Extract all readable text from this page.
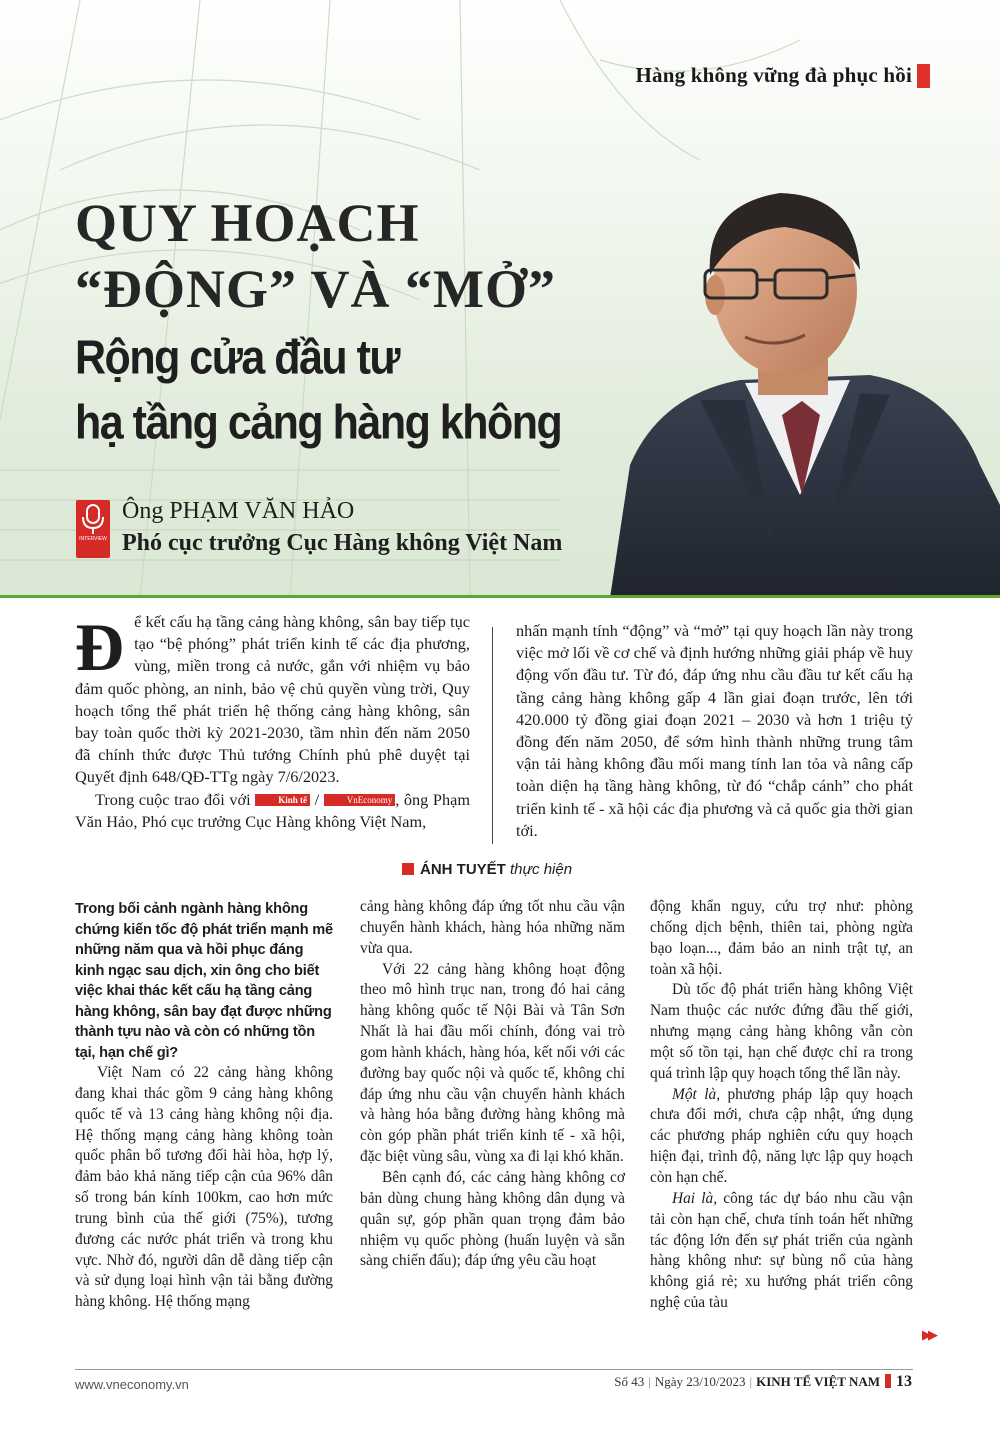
Hàng không vững đà phục hồi
QUY HOẠCH
“ĐỘNG” VÀ “MỞ”
Rộng cửa đầu tư
hạ tầng cảng hàng không
INTERVIEW
Ông PHẠM VĂN HẢO
Phó cục trưởng Cục Hàng không Việt Nam
Để kết cấu hạ tầng cảng hàng không, sân bay tiếp tục tạo “bệ phóng” phát triển kinh tế các địa phương, vùng, miền trong cả nước, gắn với nhiệm vụ bảo đảm quốc phòng, an ninh, bảo vệ chủ quyền vùng trời, Quy hoạch tổng thể phát triển hệ thống cảng hàng không, sân bay toàn quốc thời kỳ 2021-2030, tầm nhìn đến năm 2050 đã chính thức được Thủ tướng Chính phủ phê duyệt tại Quyết định 648/QĐ-TTg ngày 7/6/2023.
Trong cuộc trao đổi với	Kinh tế /	VnEconomy , ông Phạm Văn Hảo, Phó cục trưởng Cục Hàng không Việt Nam,
nhấn mạnh tính “động” và “mở” tại quy hoạch lần này trong việc mở lối về cơ chế và định hướng những giải pháp về huy động vốn đầu tư. Từ đó, đáp ứng nhu cầu đầu tư kết cấu hạ tầng cảng hàng không gấp 4 lần giai đoạn trước, lên tới 420.000 tỷ đồng giai đoạn 2021 – 2030 và hơn 1 triệu tỷ đồng đến năm 2050, để sớm hình thành những trung tâm vận tải hàng không đầu mối mang tính lan tỏa và nâng cấp toàn diện hạ tầng hàng không, từ đó “chắp cánh” cho phát triển kinh tế - xã hội các địa phương và cả quốc gia thời gian tới.
ÁNH TUYẾT thực hiện
Trong bối cảnh ngành hàng không chứng kiến tốc độ phát triển mạnh mẽ những năm qua và hồi phục đáng kinh ngạc sau dịch, xin ông cho biết việc khai thác kết cấu hạ tầng cảng hàng không, sân bay đạt được những thành tựu nào và còn có những tồn tại, hạn chế gì?
Việt Nam có 22 cảng hàng không đang khai thác gồm 9 cảng hàng không quốc tế và 13 cảng hàng không nội địa. Hệ thống mạng cảng hàng không toàn quốc phân bổ tương đối hài hòa, hợp lý, đảm bảo khả năng tiếp cận của 96% dân số trong bán kính 100km, cao hơn mức trung bình của thế giới (75%), tương đương các nước phát triển và trong khu vực. Nhờ đó, người dân dễ dàng tiếp cận và sử dụng loại hình vận tải bằng đường hàng không. Hệ thống mạng
cảng hàng không đáp ứng tốt nhu cầu vận chuyển hành khách, hàng hóa những năm vừa qua.
Với 22 cảng hàng không hoạt động theo mô hình trục nan, trong đó hai cảng hàng không quốc tế Nội Bài và Tân Sơn Nhất là hai đầu mối chính, đóng vai trò gom hành khách, hàng hóa, kết nối với các đường bay quốc nội và quốc tế, không chỉ đáp ứng nhu cầu vận chuyển hành khách và hàng hóa bằng đường hàng không mà còn góp phần phát triển kinh tế - xã hội, đặc biệt vùng sâu, vùng xa đi lại khó khăn.
Bên cạnh đó, các cảng hàng không cơ bản dùng chung hàng không dân dụng và quân sự, góp phần quan trọng đảm bảo nhiệm vụ quốc phòng (huấn luyện và sẵn sàng chiến đấu); đáp ứng yêu cầu hoạt
động khẩn nguy, cứu trợ như: phòng chống dịch bệnh, thiên tai, phòng ngừa bạo loạn..., đảm bảo an ninh trật tự, an toàn xã hội.
Dù tốc độ phát triển hàng không Việt Nam thuộc các nước đứng đầu thế giới, nhưng mạng cảng hàng không vẫn còn một số tồn tại, hạn chế được chỉ ra trong quá trình lập quy hoạch tổng thể lần này.
Một là, phương pháp lập quy hoạch chưa đổi mới, chưa cập nhật, ứng dụng các phương pháp nghiên cứu quy hoạch hiện đại, trình độ, năng lực lập quy hoạch còn hạn chế.
Hai là, công tác dự báo nhu cầu vận tải còn hạn chế, chưa tính toán hết những tác động lớn đến sự phát triển của ngành hàng không như: sự bùng nổ của hàng không giá rẻ; xu hướng phát triển công nghệ của tàu
▶▶
www.vneconomy.vn	Số 43 | Ngày 23/10/2023 | KINH TẾ VIỆT NAM 13
